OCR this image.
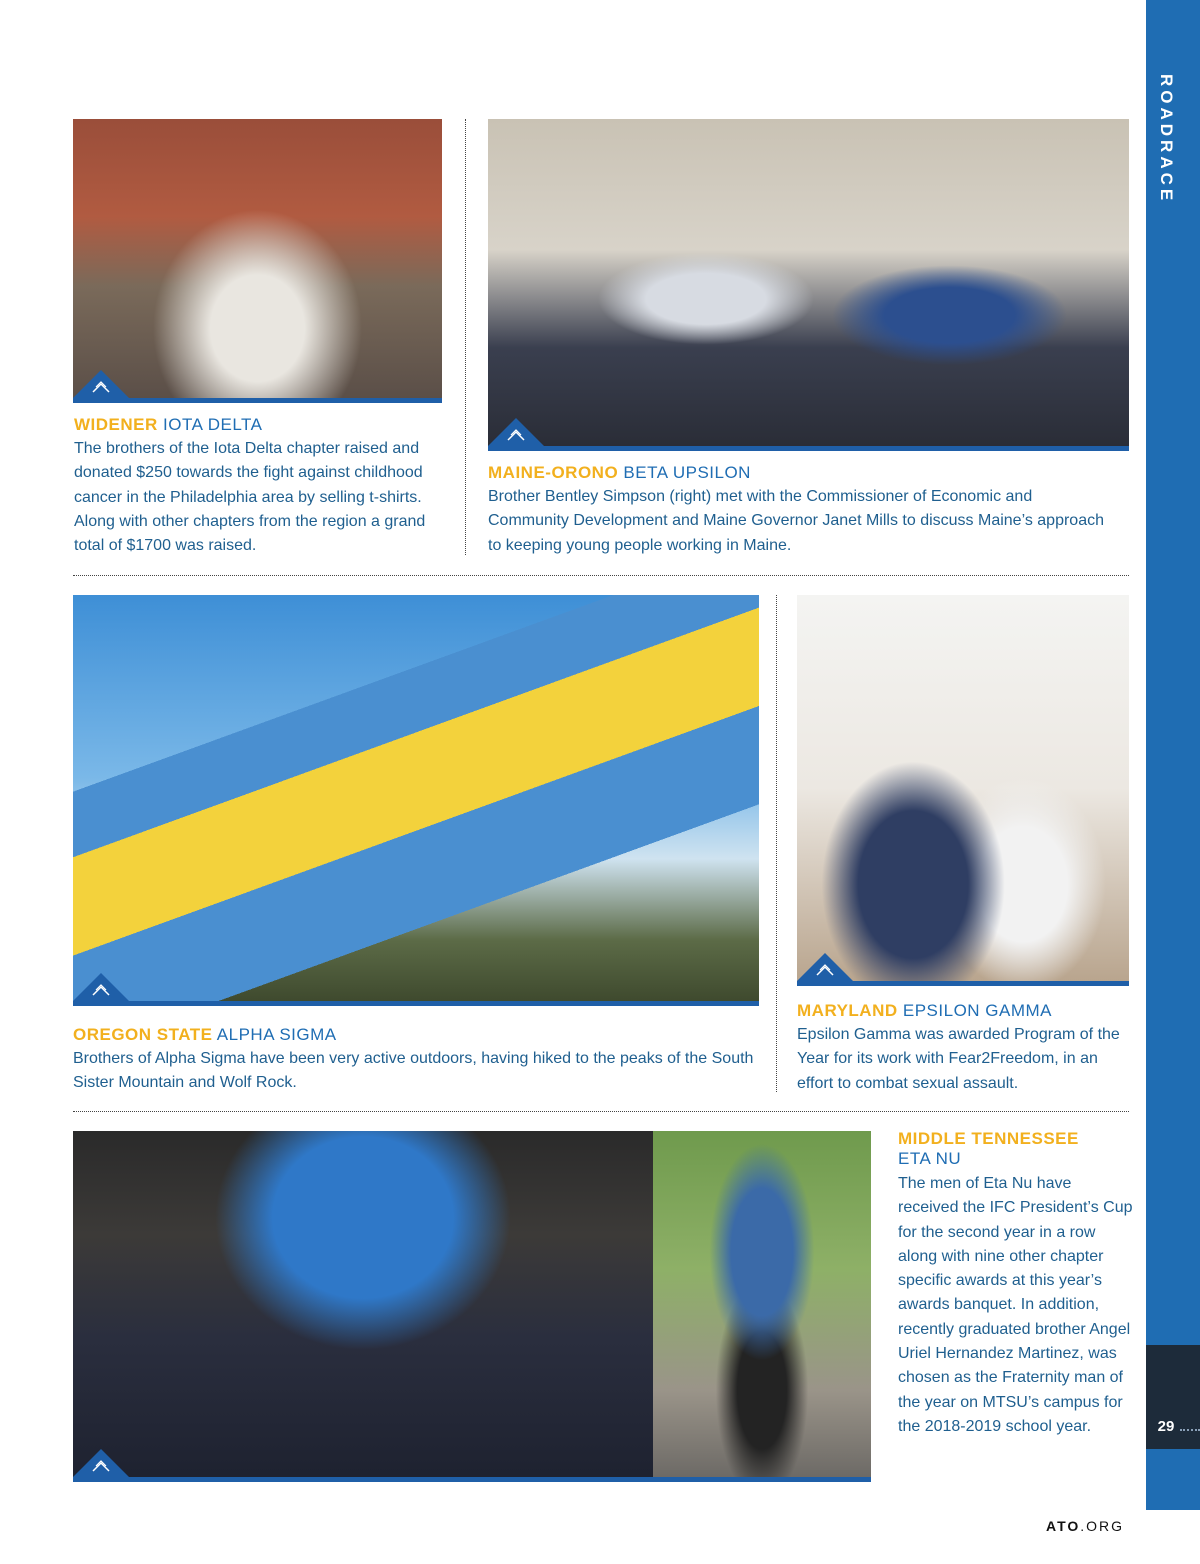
ROADRACE
29
WIDENER IOTA DELTA
The brothers of the Iota Delta chapter raised and donated $250 towards the fight against childhood cancer in the Philadelphia area by selling t-shirts. Along with other chapters from the region a grand total of $1700 was raised.
MAINE-ORONO BETA UPSILON
Brother Bentley Simpson (right) met with the Commissioner of Economic and Community Development and Maine Governor Janet Mills to discuss Maine’s approach to keeping young people working in Maine.
OREGON STATE ALPHA SIGMA
Brothers of Alpha Sigma have been very active outdoors, having hiked to the peaks of the South Sister Mountain and Wolf Rock.
MARYLAND EPSILON GAMMA
Epsilon Gamma was awarded Program of the Year for its work with Fear2Freedom, in an effort to combat sexual assault.
MIDDLE TENNESSEE
ETA NU
The men of Eta Nu have received the IFC President’s Cup for the second year in a row along with nine other chapter specific awards at this year’s awards banquet. In addition, recently graduated brother Angel Uriel Hernandez Martinez, was chosen as the Fraternity man of the year on MTSU’s campus for the 2018-2019 school year.
ATO.ORG
